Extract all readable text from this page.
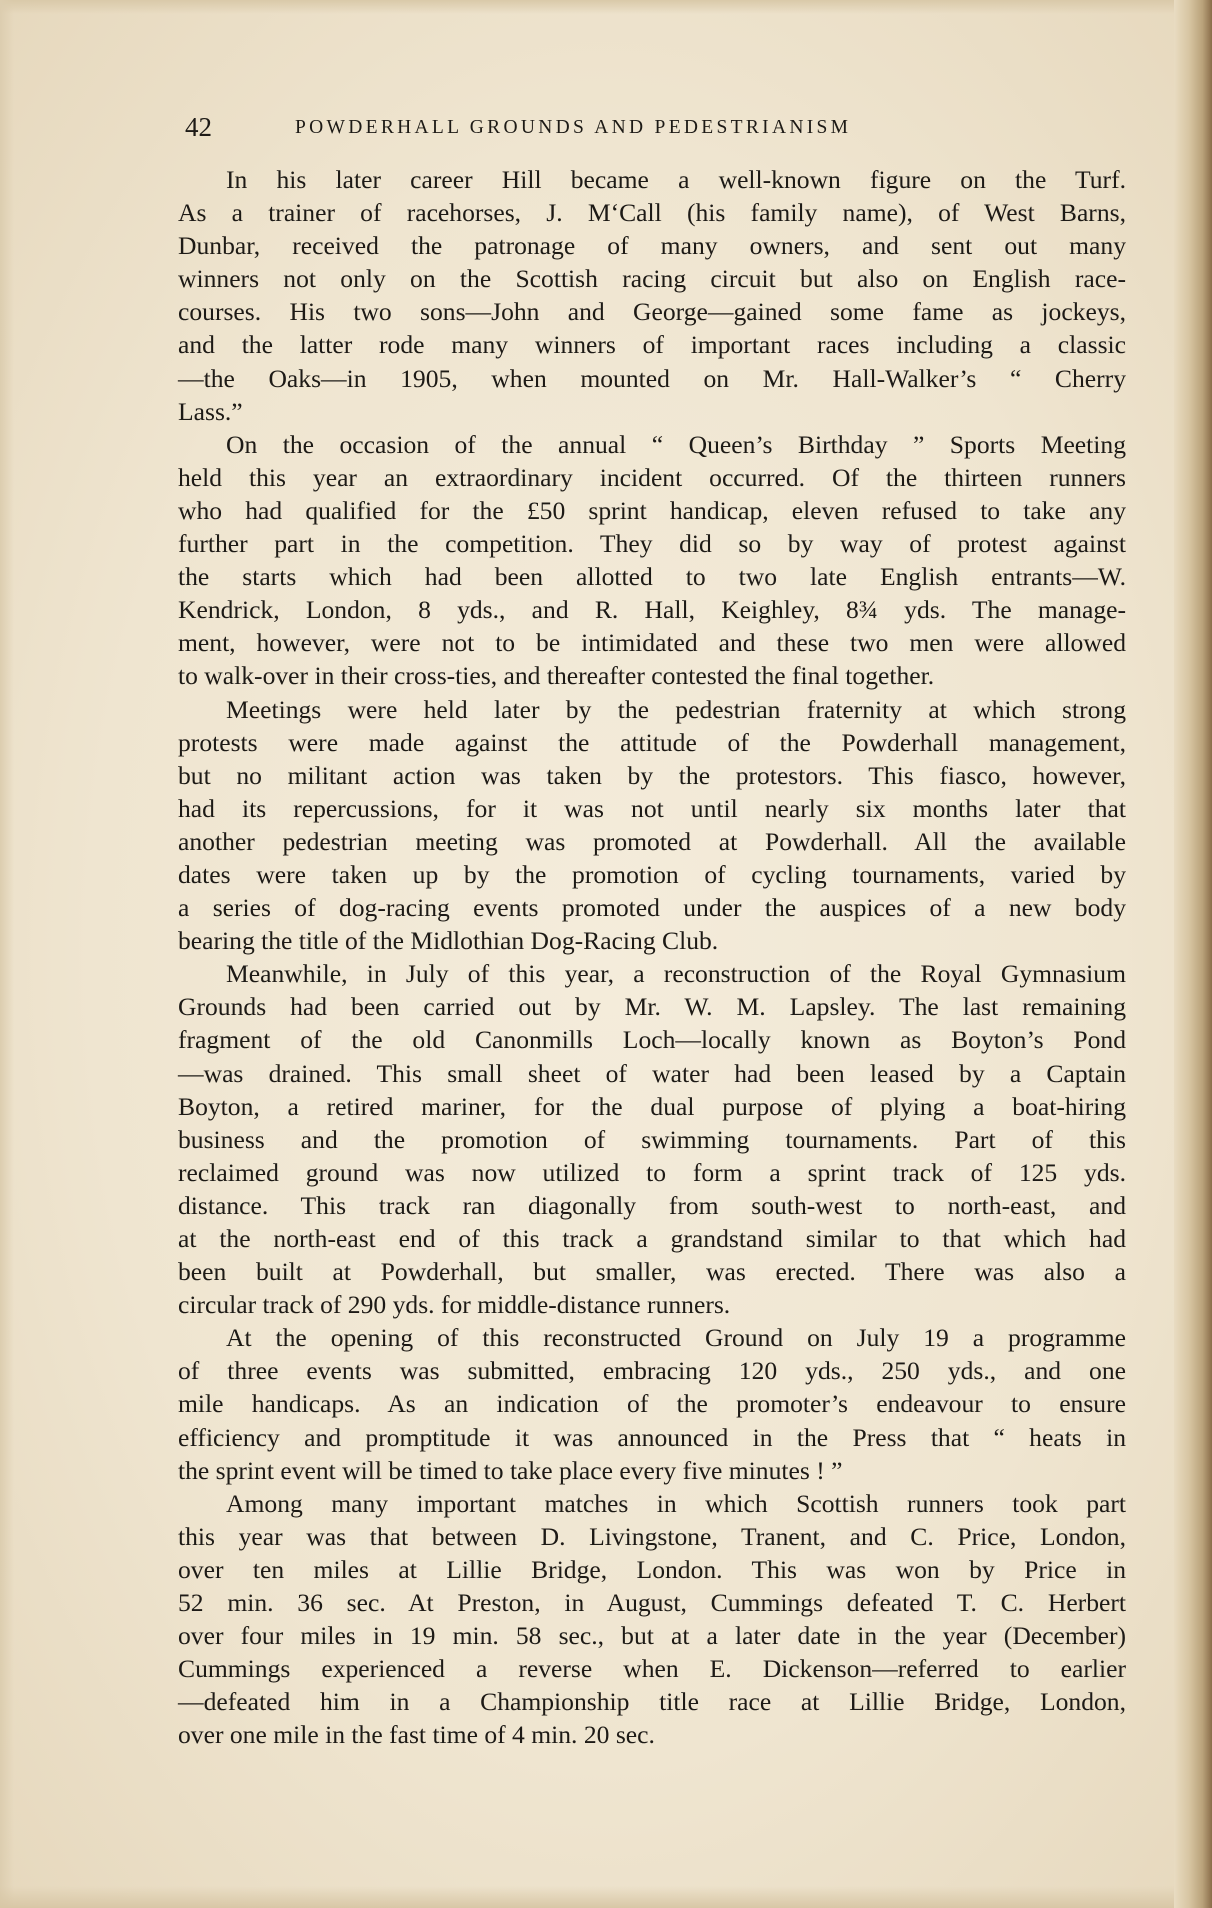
42	POWDERHALL GROUNDS AND PEDESTRIANISM
In his later career Hill became a well-known figure on the Turf.
As a trainer of racehorses, J. M‘Call (his family name), of West Barns,
Dunbar, received the patronage of many owners, and sent out many
winners not only on the Scottish racing circuit but also on English race-
courses. His two sons—John and George—gained some fame as jockeys,
and the latter rode many winners of important races including a classic
—the Oaks—in 1905, when mounted on Mr. Hall-Walker’s “ Cherry
Lass.”
On the occasion of the annual “ Queen’s Birthday ” Sports Meeting
held this year an extraordinary incident occurred. Of the thirteen runners
who had qualified for the £50 sprint handicap, eleven refused to take any
further part in the competition. They did so by way of protest against
the starts which had been allotted to two late English entrants—W.
Kendrick, London, 8 yds., and R. Hall, Keighley, 8¾ yds. The manage-
ment, however, were not to be intimidated and these two men were allowed
to walk-over in their cross-ties, and thereafter contested the final together.
Meetings were held later by the pedestrian fraternity at which strong
protests were made against the attitude of the Powderhall management,
but no militant action was taken by the protestors. This fiasco, however,
had its repercussions, for it was not until nearly six months later that
another pedestrian meeting was promoted at Powderhall. All the available
dates were taken up by the promotion of cycling tournaments, varied by
a series of dog-racing events promoted under the auspices of a new body
bearing the title of the Midlothian Dog-Racing Club.
Meanwhile, in July of this year, a reconstruction of the Royal Gymnasium
Grounds had been carried out by Mr. W. M. Lapsley. The last remaining
fragment of the old Canonmills Loch—locally known as Boyton’s Pond
—was drained. This small sheet of water had been leased by a Captain
Boyton, a retired mariner, for the dual purpose of plying a boat-hiring
business and the promotion of swimming tournaments. Part of this
reclaimed ground was now utilized to form a sprint track of 125 yds.
distance. This track ran diagonally from south-west to north-east, and
at the north-east end of this track a grandstand similar to that which had
been built at Powderhall, but smaller, was erected. There was also a
circular track of 290 yds. for middle-distance runners.
At the opening of this reconstructed Ground on July 19 a programme
of three events was submitted, embracing 120 yds., 250 yds., and one
mile handicaps. As an indication of the promoter’s endeavour to ensure
efficiency and promptitude it was announced in the Press that “ heats in
the sprint event will be timed to take place every five minutes ! ”
Among many important matches in which Scottish runners took part
this year was that between D. Livingstone, Tranent, and C. Price, London,
over ten miles at Lillie Bridge, London. This was won by Price in
52 min. 36 sec. At Preston, in August, Cummings defeated T. C. Herbert
over four miles in 19 min. 58 sec., but at a later date in the year (December)
Cummings experienced a reverse when E. Dickenson—referred to earlier
—defeated him in a Championship title race at Lillie Bridge, London,
over one mile in the fast time of 4 min. 20 sec.
